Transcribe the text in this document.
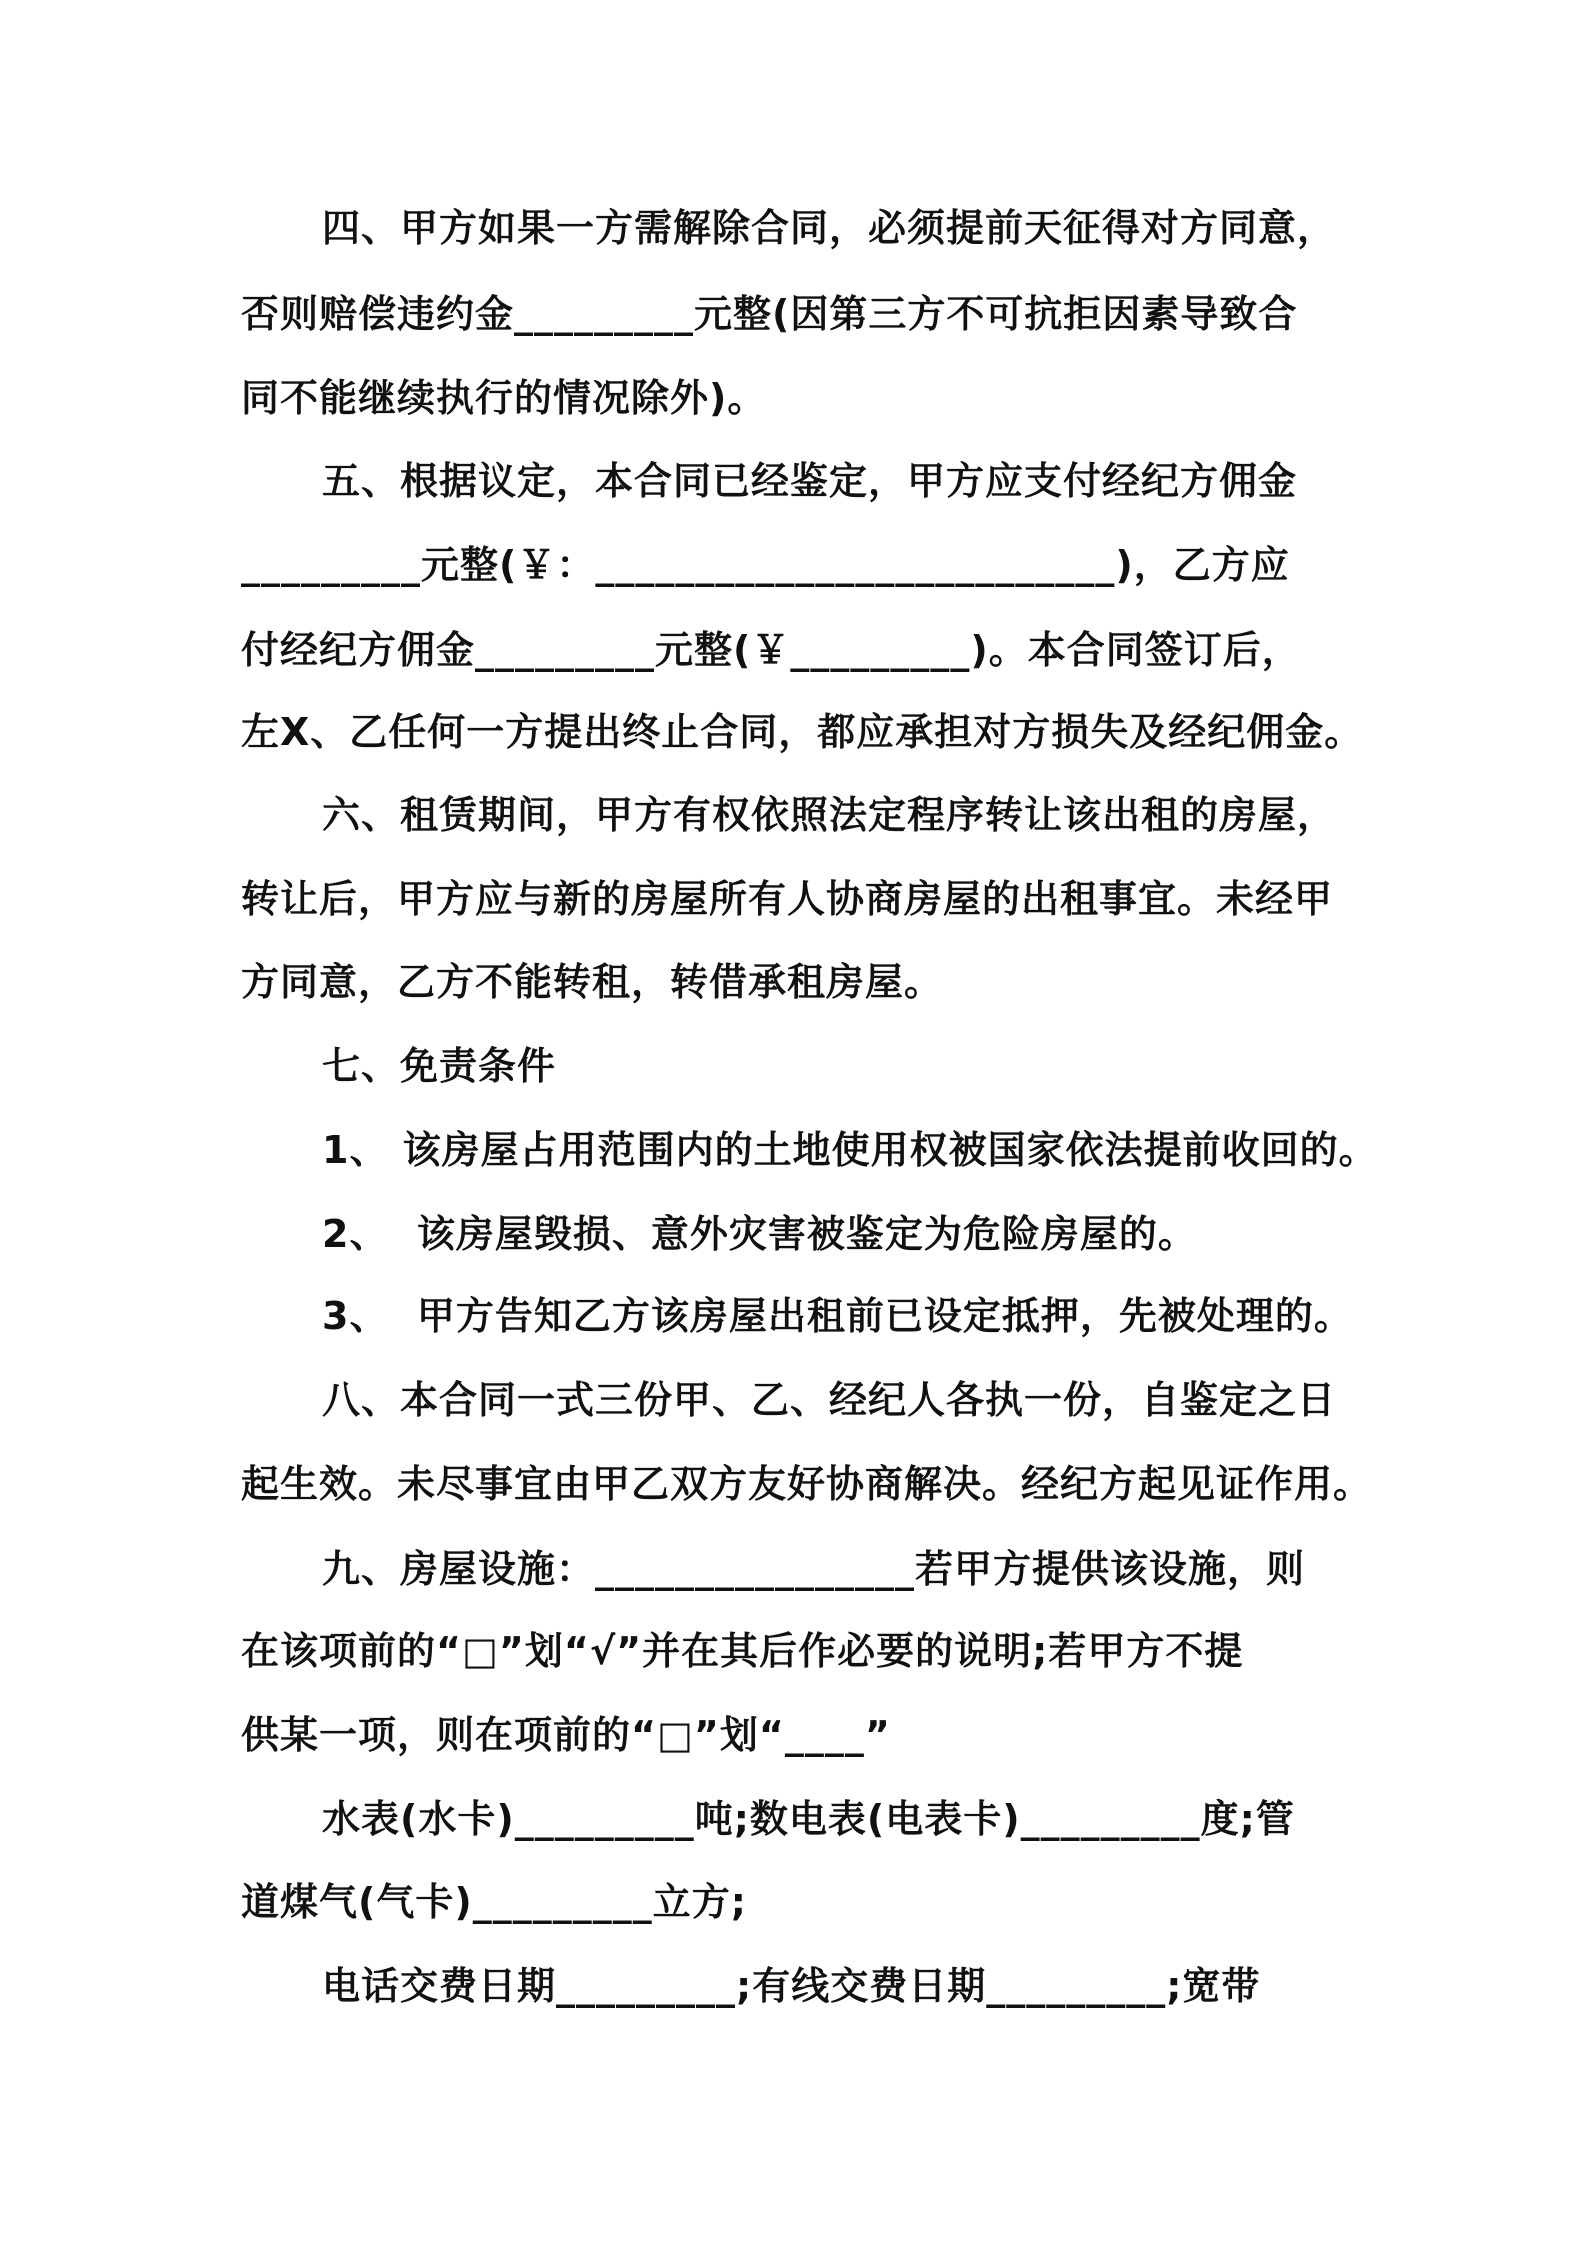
四、甲方如果一方需解除合同，必须提前天征得对方同意，
否则赔偿违约金_________元整(因第三方不可抗拒因素导致合
同不能继续执行的情况除外)。
五、根据议定，本合同已经鉴定，甲方应支付经纪方佣金
_________元整(￥：__________________________)，乙方应
付经纪方佣金_________元整(￥_________)。本合同签订后，
左X、乙任何一方提出终止合同，都应承担对方损失及经纪佣金。
六、租赁期间，甲方有权依照法定程序转让该出租的房屋，
转让后，甲方应与新的房屋所有人协商房屋的出租事宜。未经甲
方同意，乙方不能转租，转借承租房屋。
七、免责条件
1、 该房屋占用范围内的土地使用权被国家依法提前收回的。
2、  该房屋毁损、意外灾害被鉴定为危险房屋的。
3、  甲方告知乙方该房屋出租前已设定抵押，先被处理的。
八、本合同一式三份甲、乙、经纪人各执一份，自鉴定之日
起生效。未尽事宜由甲乙双方友好协商解决。经纪方起见证作用。
九、房屋设施：________________若甲方提供该设施，则
在该项前的“□”划“√”并在其后作必要的说明;若甲方不提
供某一项，则在项前的“□”划“____”
水表(水卡)_________吨;数电表(电表卡)_________度;管
道煤气(气卡)_________立方;
电话交费日期_________;有线交费日期_________;宽带
